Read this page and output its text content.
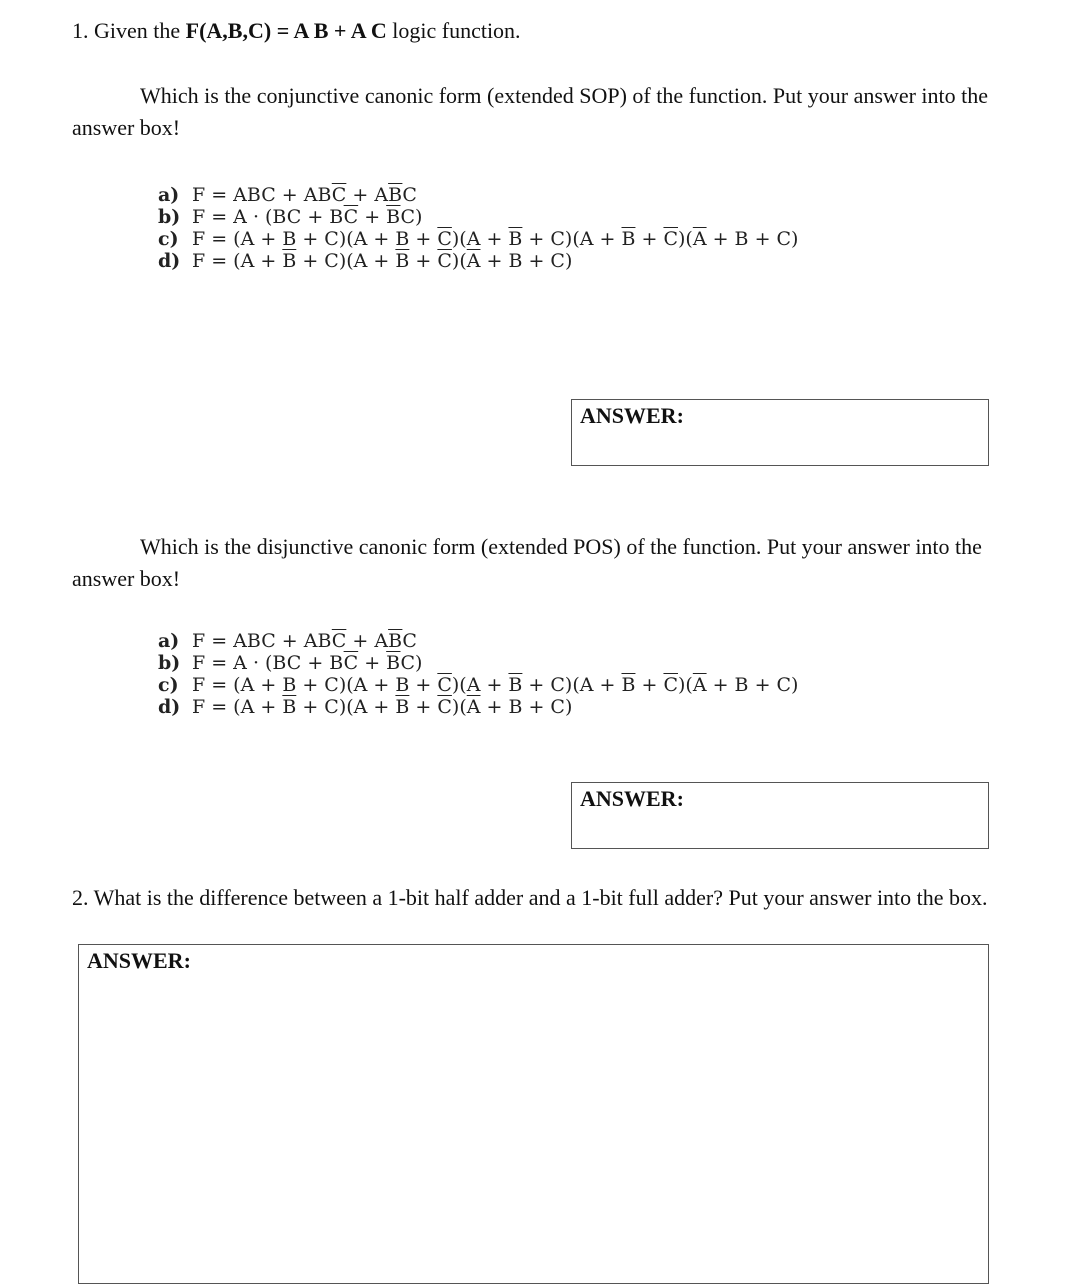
1. Given the F(A,B,C) = A B + A C logic function.
Which is the conjunctive canonic form (extended SOP) of the function. Put your answer into the answer box!
a) F = ABC + $AB\overline{C} + A\overline{B}C$
b) $F = A \cdot (BC + B\overline{C} + \overline{B}C)$
c) $F = (A + B + C)(A + B + \overline{C})(A + \overline{B} + C)(A + \overline{B} + \overline{C})(\overline{A} + B + C)$
d) $F = (A + \overline{B} + C)(A + \overline{B} + \overline{C})(\overline{A} + B + C)$
ANSWER:
Which is the disjunctive canonic form (extended POS) of the function. Put your answer into the answer box!
a) F = ABC + $AB\overline{C} + A\overline{B}C$
b) $F = A \cdot (BC + B\overline{C} + \overline{B}C)$
c) $F = (A + B + C)(A + B + \overline{C})(A + \overline{B} + C)(A + \overline{B} + \overline{C})(\overline{A} + B + C)$
d) $F = (A + \overline{B} + C)(A + \overline{B} + \overline{C})(\overline{A} + B + C)$
ANSWER:
2. What is the difference between a 1-bit half adder and a 1-bit full adder? Put your answer into the box.
ANSWER:
